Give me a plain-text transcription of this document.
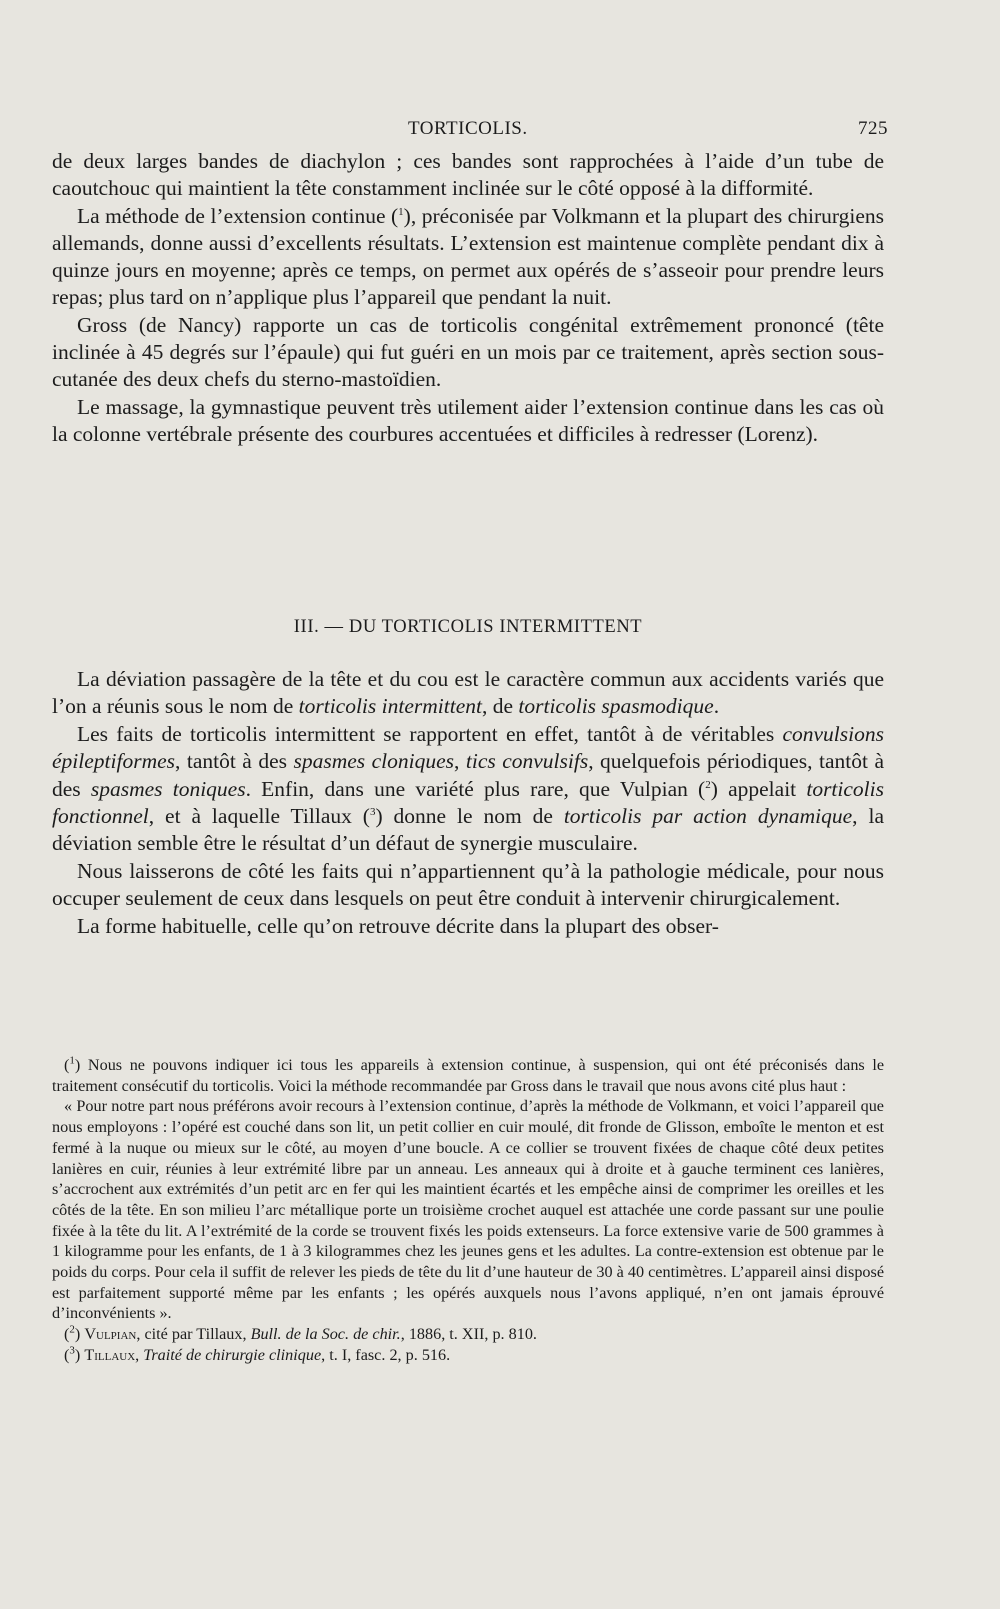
TORTICOLIS.	725

de deux larges bandes de diachylon ; ces bandes sont rapprochées à l’aide d’un tube de caoutchouc qui maintient la tête constamment inclinée sur le côté opposé à la difformité.

La méthode de l’extension continue ($^1$), préconisée par Volkmann et la plupart des chirurgiens allemands, donne aussi d’excellents résultats. L’extension est maintenue complète pendant dix à quinze jours en moyenne; après ce temps, on permet aux opérés de s’asseoir pour prendre leurs repas; plus tard on n’applique plus l’appareil que pendant la nuit.

Gross (de Nancy) rapporte un cas de torticolis congénital extrêmement prononcé (tête inclinée à 45 degrés sur l’épaule) qui fut guéri en un mois par ce traitement, après section sous-cutanée des deux chefs du sterno-mastoïdien.

Le massage, la gymnastique peuvent très utilement aider l’extension continue dans les cas où la colonne vertébrale présente des courbures accentuées et difficiles à redresser (Lorenz).

III. — DU TORTICOLIS INTERMITTENT

La déviation passagère de la tête et du cou est le caractère commun aux accidents variés que l’on a réunis sous le nom de torticolis intermittent, de torticolis spasmodique.

Les faits de torticolis intermittent se rapportent en effet, tantôt à de véritables convulsions épileptiformes, tantôt à des spasmes cloniques, tics convulsifs, quelquefois périodiques, tantôt à des spasmes toniques. Enfin, dans une variété plus rare, que Vulpian ($^2$) appelait torticolis fonctionnel, et à laquelle Tillaux ($^3$) donne le nom de torticolis par action dynamique, la déviation semble être le résultat d’un défaut de synergie musculaire.

Nous laisserons de côté les faits qui n’appartiennent qu’à la pathologie médicale, pour nous occuper seulement de ceux dans lesquels on peut être conduit à intervenir chirurgicalement.

La forme habituelle, celle qu’on retrouve décrite dans la plupart des obser-

($^1$) Nous ne pouvons indiquer ici tous les appareils à extension continue, à suspension, qui ont été préconisés dans le traitement consécutif du torticolis. Voici la méthode recommandée par Gross dans le travail que nous avons cité plus haut :

« Pour notre part nous préférons avoir recours à l’extension continue, d’après la méthode de Volkmann, et voici l’appareil que nous employons : l’opéré est couché dans son lit, un petit collier en cuir moulé, dit fronde de Glisson, emboîte le menton et est fermé à la nuque ou mieux sur le côté, au moyen d’une boucle. A ce collier se trouvent fixées de chaque côté deux petites lanières en cuir, réunies à leur extrémité libre par un anneau. Les anneaux qui à droite et à gauche terminent ces lanières, s’accrochent aux extrémités d’un petit arc en fer qui les maintient écartés et les empêche ainsi de comprimer les oreilles et les côtés de la tête. En son milieu l’arc métallique porte un troisième crochet auquel est attachée une corde passant sur une poulie fixée à la tête du lit. A l’extrémité de la corde se trouvent fixés les poids extenseurs. La force extensive varie de 500 grammes à 1 kilogramme pour les enfants, de 1 à 3 kilogrammes chez les jeunes gens et les adultes. La contre-extension est obtenue par le poids du corps. Pour cela il suffit de relever les pieds de tête du lit d’une hauteur de 30 à 40 centimètres. L’appareil ainsi disposé est parfaitement supporté même par les enfants ; les opérés auxquels nous l’avons appliqué, n’en ont jamais éprouvé d’inconvénients ».

($^2$) Vulpian, cité par Tillaux, Bull. de la Soc. de chir., 1886, t. XII, p. 810.

($^3$) Tillaux, Traité de chirurgie clinique, t. I, fasc. 2, p. 516.
